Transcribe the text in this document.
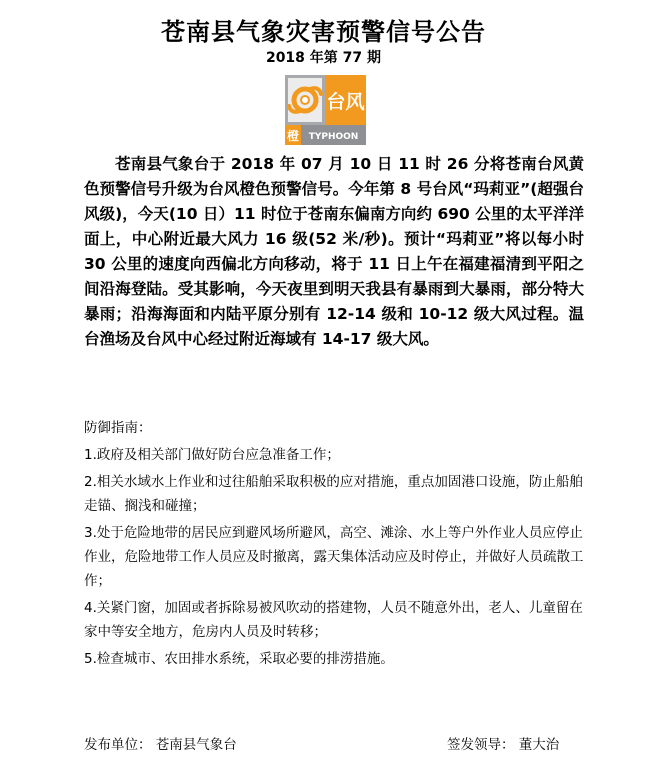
苍南县气象灾害预警信号公告
2018 年第 77 期
台风
橙 TYPHOON

苍南县气象台于 2018 年 07 月 10 日 11 时 26 分将苍南台风黄色预警信号升级为台风橙色预警信号。今年第 8 号台风“玛莉亚”(超强台风级)，今天(10 日）11 时位于苍南东偏南方向约 690 公里的太平洋洋面上，中心附近最大风力 16 级(52 米/秒)。预计“玛莉亚”将以每小时 30 公里的速度向西偏北方向移动，将于 11 日上午在福建福清到平阳之间沿海登陆。受其影响，今天夜里到明天我县有暴雨到大暴雨，部分特大暴雨；沿海海面和内陆平原分别有 12-14 级和 10-12 级大风过程。温台渔场及台风中心经过附近海域有 14-17 级大风。

防御指南：

1.政府及相关部门做好防台应急准备工作；

2.相关水域水上作业和过往船舶采取积极的应对措施，重点加固港口设施，防止船舶走锚、搁浅和碰撞；

3.处于危险地带的居民应到避风场所避风，高空、滩涂、水上等户外作业人员应停止作业，危险地带工作人员应及时撤离，露天集体活动应及时停止，并做好人员疏散工作；

4.关紧门窗，加固或者拆除易被风吹动的搭建物，人员不随意外出，老人、儿童留在家中等安全地方，危房内人员及时转移；

5.检查城市、农田排水系统，采取必要的排涝措施。

发布单位： 苍南县气象台	签发领导： 董大治
